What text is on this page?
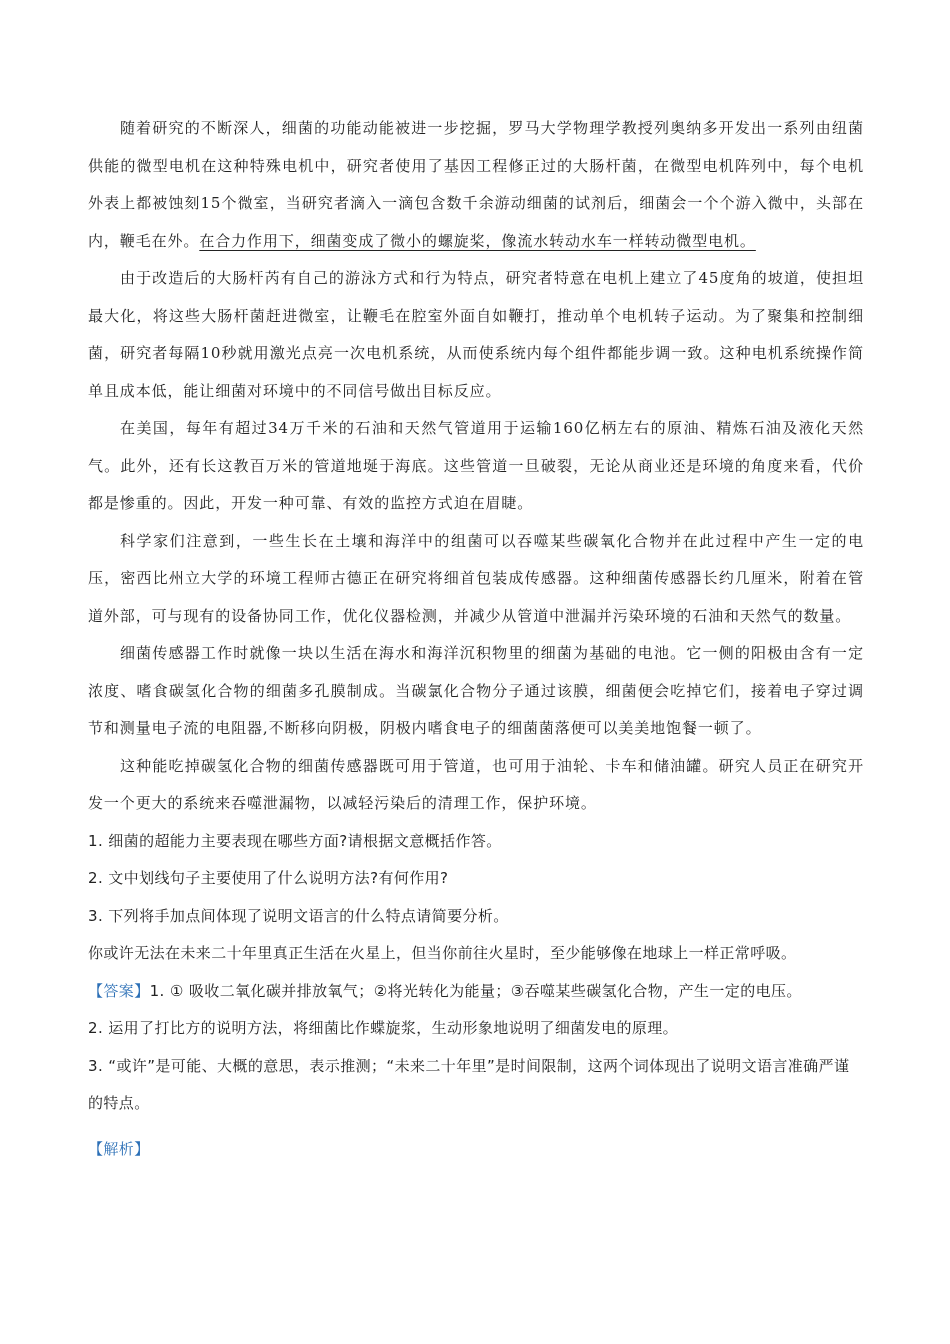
随着研究的不断深人，细菌的功能动能被进一步挖掘，罗马大学物理学教授列奥纳多开发出一系列由纽菌供能的微型电机在这种特殊电机中，研究者使用了基因工程修正过的大肠杆菌，在微型电机阵列中，每个电机外表上都被蚀刻15个微室，当研究者滴入一滴包含数千余游动细菌的试剂后，细菌会一个个游入微中，头部在内，鞭毛在外。在合力作用下，细菌变成了微小的螺旋桨，像流水转动水车一样转动微型电机。

由于改造后的大肠杆芮有自己的游泳方式和行为特点，研究者特意在电机上建立了45度角的坡道，使担坦最大化，将这些大肠杆菌赶进微室，让鞭毛在腔室外面自如鞭打，推动单个电机转子运动。为了聚集和控制细菌，研究者每隔10秒就用激光点亮一次电机系统，从而使系统内每个组件都能步调一致。这种电机系统操作简单且成本低，能让细菌对环境中的不同信号做出目标反应。

在美国，每年有超过34万千米的石油和天然气管道用于运输160亿柄左右的原油、精炼石油及液化天然气。此外，还有长这教百万米的管道地埏于海底。这些管道一旦破裂，无论从商业还是环境的角度来看，代价都是惨重的。因此，开发一种可靠、有效的监控方式迫在眉睫。

科学家们注意到，一些生长在土壤和海洋中的组菌可以吞噬某些碳氧化合物并在此过程中产生一定的电压，密西比州立大学的环境工程师古德正在研究将细首包装成传感器。这种细菌传感器长约几厘米，附着在管道外部，可与现有的设备协同工作，优化仪器检测，并减少从管道中泄漏并污染环境的石油和天然气的数量。

细菌传感器工作时就像一块以生活在海水和海洋沉积物里的细菌为基础的电池。它一侧的阳极由含有一定浓度、嗜食碳氢化合物的细菌多孔膜制成。当碳氯化合物分子通过该膜，细菌便会吃掉它们，接着电子穿过调节和测量电子流的电阻器,不断移向阴极，阴极内嗜食电子的细菌菌落便可以美美地饱餐一顿了。

这种能吃掉碳氢化合物的细菌传感器既可用于管道，也可用于油轮、卡车和储油罐。研究人员正在研究开发一个更大的系统来吞噬泄漏物，以减轻污染后的清理工作，保护环境。

1. 细菌的超能力主要表现在哪些方面?请根据文意概括作答。

2. 文中划线句子主要使用了什么说明方法?有何作用?

3. 下列将手加点间体现了说明文语言的什么特点请简要分析。

你或许无法在未来二十年里真正生活在火星上，但当你前往火星时，至少能够像在地球上一样正常呼吸。

【答案】1. ① 吸收二氧化碳并排放氧气；②将光转化为能量；③吞噬某些碳氢化合物，产生一定的电压。

2. 运用了打比方的说明方法，将细菌比作蝶旋浆，生动形象地说明了细菌发电的原理。

3. “或许”是可能、大概的意思，表示推测；“未来二十年里”是时间限制，这两个词体现出了说明文语言准确严谨的特点。

【解析】
